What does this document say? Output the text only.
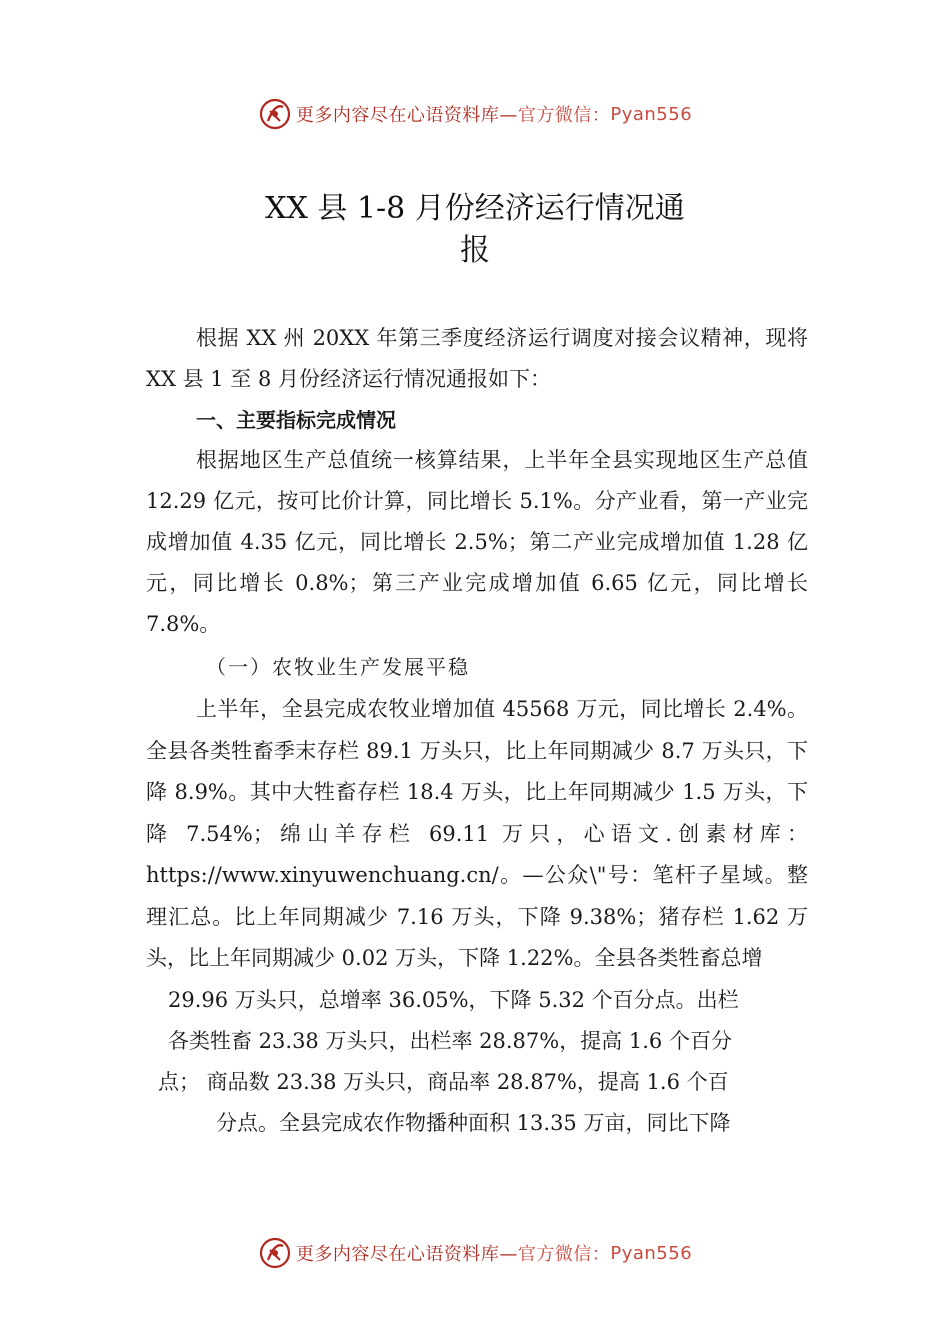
更多内容尽在心语资料库— 官方微信： Pyan556
XX 县 1-8 月份经济运行情况通
报

根据 XX 州 20XX 年第三季度经济运行调度对接会议精神，现将 XX 县 1 至 8 月份经济运行情况通报如下：

一、主要指标完成情况

根据地区生产总值统一核算结果，上半年全县实现地区生产总值 12.29 亿元，按可比价计算，同比增长 5.1%。分产业看，第一产业完成增加值 4.35 亿元，同比增长 2.5%；第二产业完成增加值 1.28 亿元，同比增长 0.8%；第三产业完成增加值 6.65 亿元，同比增长 7.8%。

（一）农牧业生产发展平稳

上半年，全县完成农牧业增加值 45568 万元，同比增长 2.4%。全县各类牲畜季末存栏 89.1 万头只，比上年同期减少 8.7 万头只，下降 8.9%。其中大牲畜存栏 18.4 万头，比上年同期减少 1.5 万头，下降 7.54%；绵山羊存栏 69.11 万只，心语文.创素材库：https://www.xinyuwenchuang.cn/。—公众\"号：笔杆子星域。整理汇总。比上年同期减少 7.16 万头，下降 9.38%；猪存栏 1.62 万头，比上年同期减少 0.02 万头，下降 1.22%。全县各类牲畜总增

29.96 万头只，总增率 36.05%，下降 5.32 个百分点。出栏

各类牲畜 23.38 万头只，出栏率 28.87%，提高 1.6 个百分

点； 商品数 23.38 万头只，商品率 28.87%，提高 1.6 个百

分点。全县完成农作物播种面积 13.35 万亩，同比下降

更多内容尽在心语资料库— 官方微信： Pyan556
